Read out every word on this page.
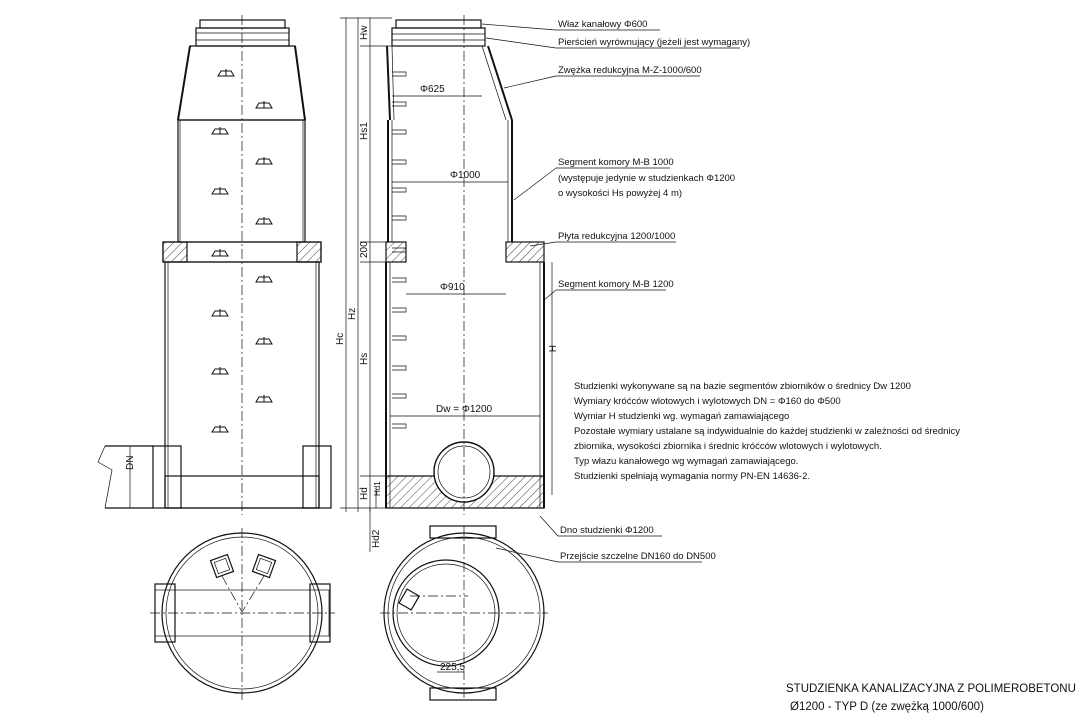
DN
Φ625
Φ1000
Φ910
Dw = Φ1200
Hw
Hs1
200
Hc
Hz
Hs
Hd Hd1
Hd2
H
Właz kanałowy Φ600
Pierścień wyrównujący (jeżeli jest wymagany)
Zwężka redukcyjna M-Z-1000/600
Segment komory M-B 1000
(występuje jedynie w studzienkach Φ1200
o wysokości Hs powyżej 4 m)
Płyta redukcyjna 1200/1000
Segment komory M-B 1200
Dno studzienki Φ1200
Przejście szczelne DN160 do DN500
Studzienki wykonywane są na bazie segmentów zbiorników o średnicy Dw 1200
Wymiary króćców wlotowych i wylotowych DN = Φ160 do Φ500
Wymiar H studzienki wg. wymagań zamawiającego
Pozostałe wymiary ustalane są indywidualnie do każdej studzienki w zależności od średnicy
zbiornika, wysokości zbiornika i średnic króćców wlotowych i wylotowych.
Typ włazu kanałowego wg wymagań zamawiającego.
Studzienki spełniają wymagania normy PN-EN 14636-2.
225,5
STUDZIENKA KANALIZACYJNA Z POLIMEROBETONU
Ø1200 - TYP D (ze zwężką 1000/600)
